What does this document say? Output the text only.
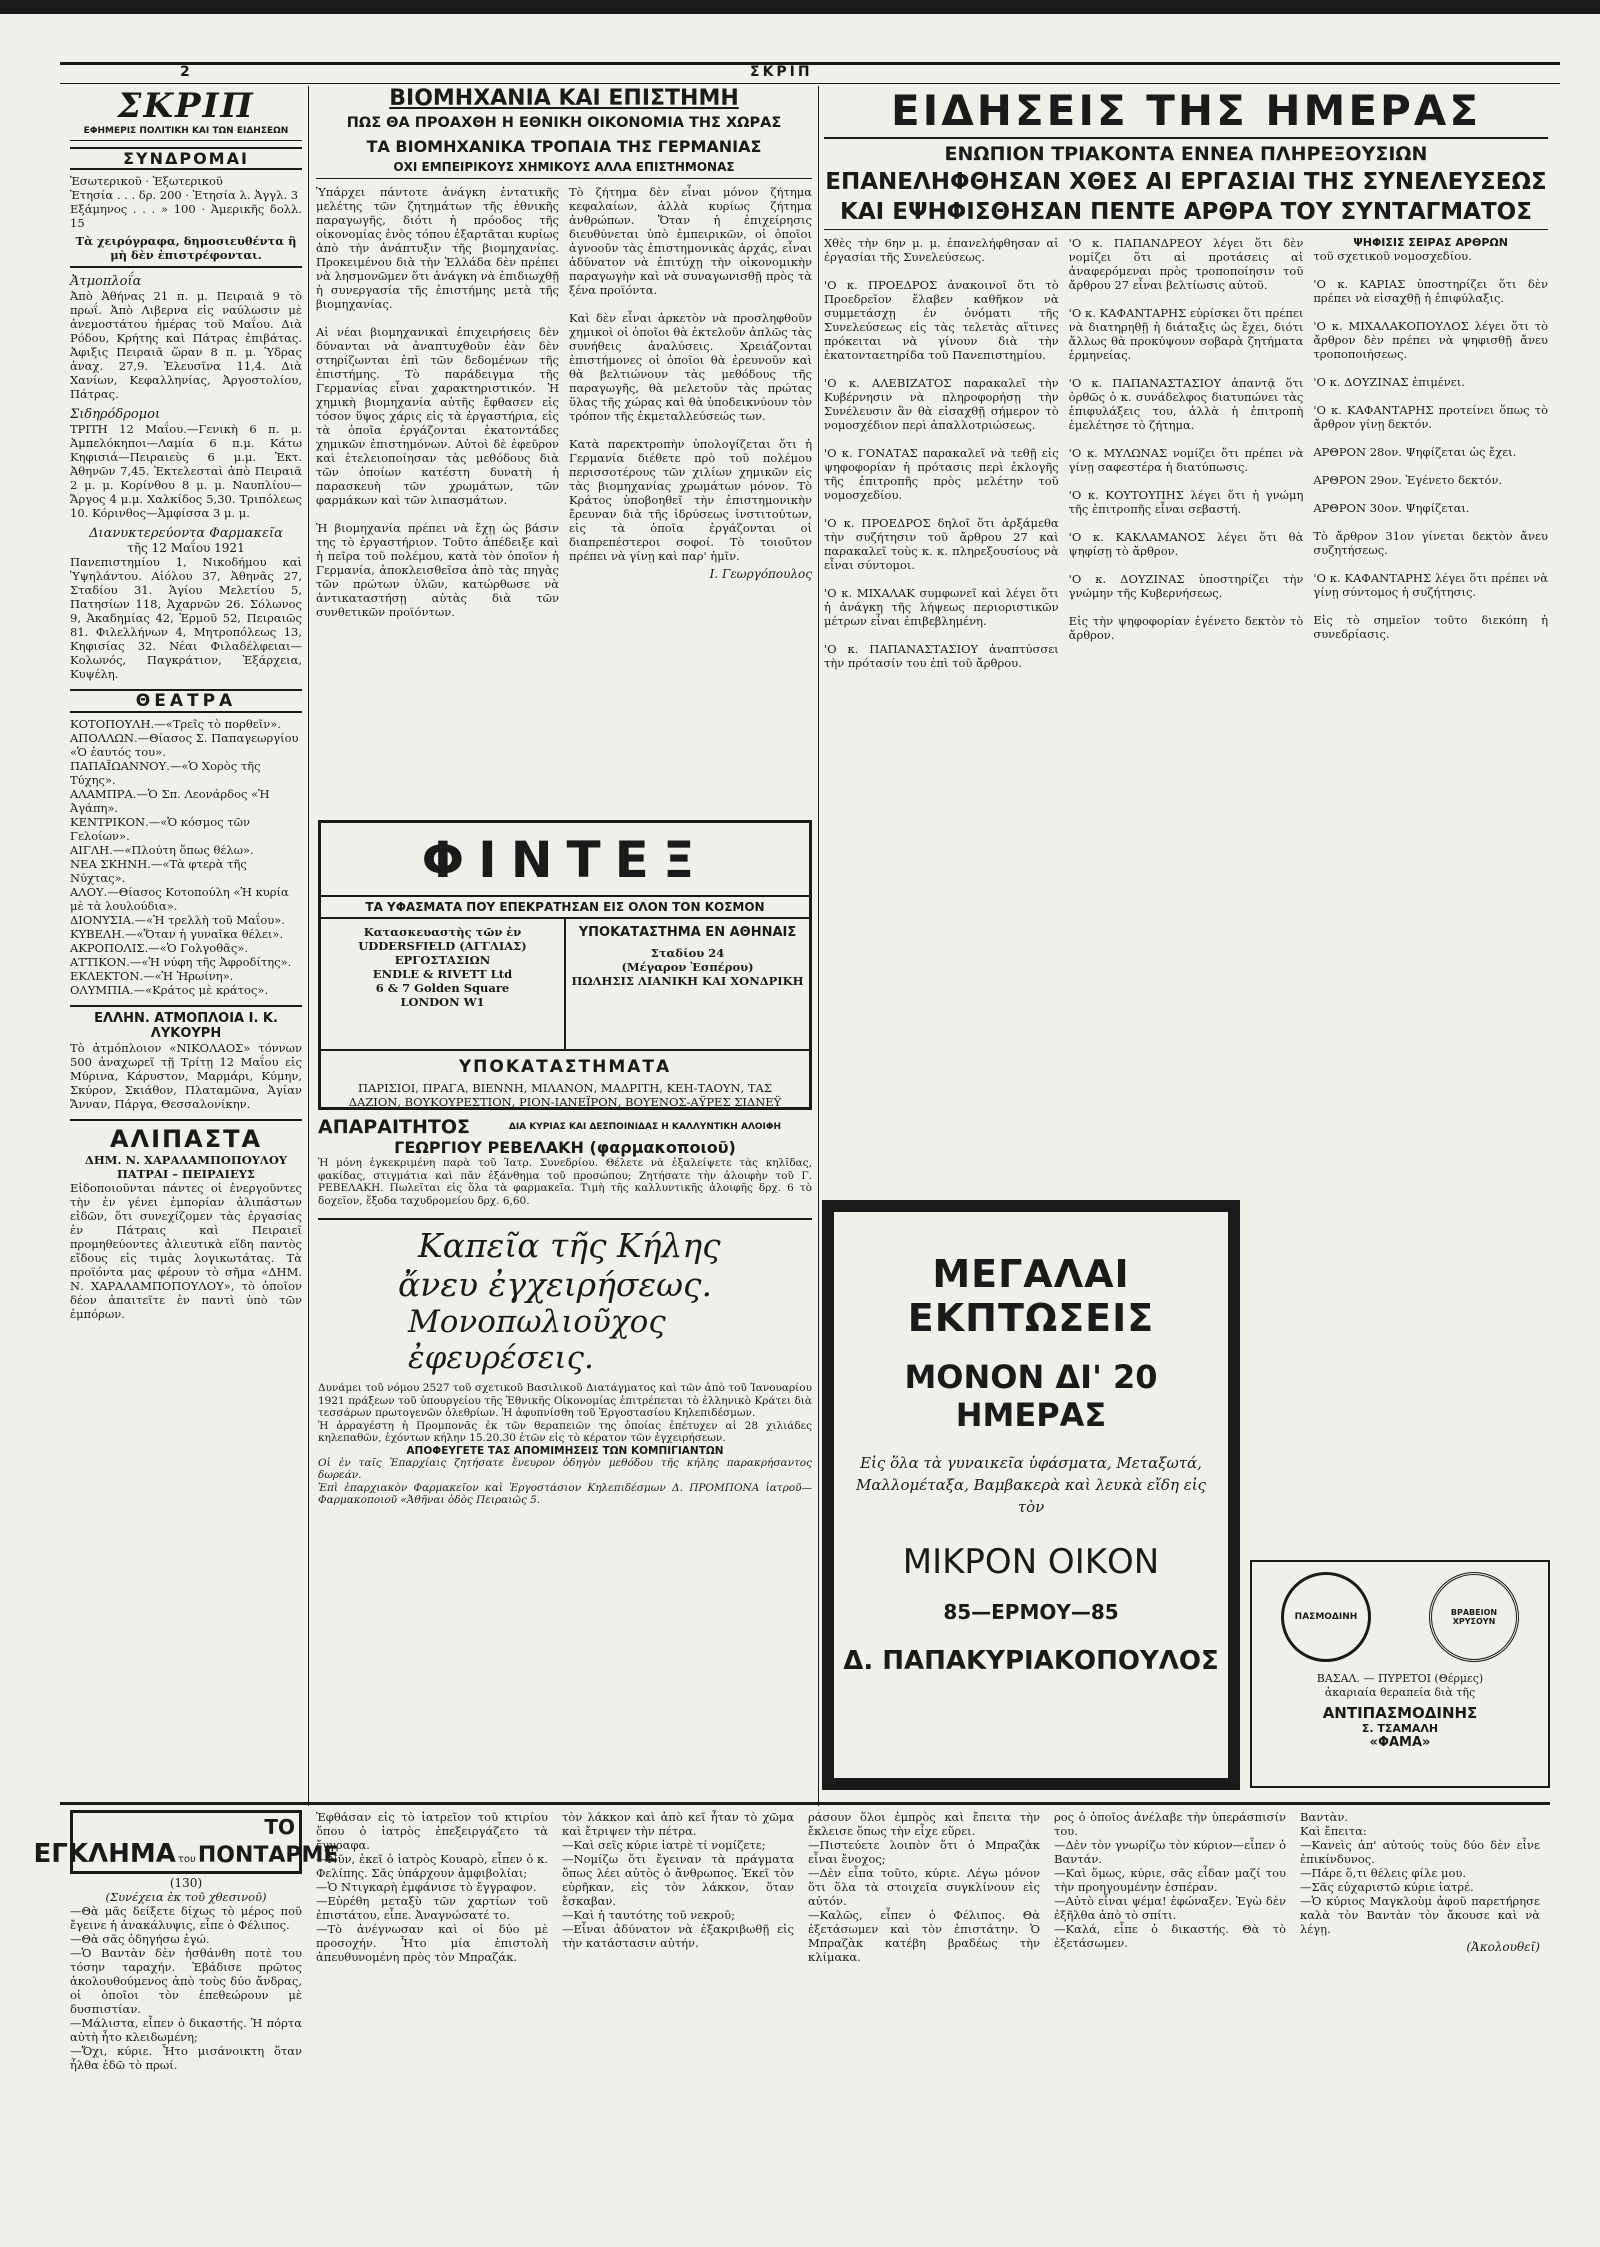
2	ΣΚΡΙΠ
ΣΚΡΙΠ
ΕΦΗΜΕΡΙΣ ΠΟΛΙΤΙΚΗ ΚΑΙ ΤΩΝ ΕΙΔΗΣΕΩΝ
ΣΥΝΔΡΟΜΑΙ

Ἐσωτερικοῦ · Ἐξωτερικοῦ
Ἐτησία . . . δρ. 200 · Ἐτησία λ. Ἀγγλ. 3
Εξάμηνος . . . » 100 · Ἀμερικῆς δολλ. 15

Τὰ χειρόγραφα, δημοσιευθέντα ἢ μὴ δὲν ἐπιστρέφονται.

Ἀτμοπλοΐα

Ἀπὸ Ἀθήνας 21 π. μ. Πειραιᾶ 9 τὸ πρωΐ. Ἀπὸ Λιβερνα εἰς ναύλωσιν μὲ ἀνεμοστάτου ἡμέρας τοῦ Μαΐου. Διὰ Ρόδου, Κρήτης καὶ Πάτρας ἐπιβάτας. Ἀφιξις Πειραιᾶ ὥραν 8 π. μ. Ὑδρας ἀναχ. 27,9. Ἐλευσῖνα 11,4. Διὰ Χανίων, Κεφαλληνίας, Ἀργοστολίου, Πάτρας.

Σιδηρόδρομοι

ΤΡΙΤΗ 12 Μαΐου.—Γενικὴ 6 π. μ. Ἀμπελόκηποι—Λαμία 6 π.μ. Κάτω Κηφισιά—Πειραιεὺς 6 μ.μ. Ἐκτ. Ἀθηνῶν 7,45. Ἐκτελεσταὶ ἀπὸ Πειραιᾶ 2 μ. μ. Κορίνθου 8 μ. μ. Ναυπλίου—Ἄργος 4 μ.μ. Χαλκίδος 5,30. Τριπόλεως 10. Κόρινθος—Ἀμφίσσα 3 μ. μ.

Διανυκτερεύοντα Φαρμακεῖα
τῆς 12 Μαΐου 1921

Πανεπιστημίου 1, Νικοδήμου καὶ Ὑψηλάντου. Αἰόλου 37, Ἀθηνᾶς 27, Σταδίου 31. Ἁγίου Μελετίου 5, Πατησίων 118, Ἀχαρνῶν 26. Σόλωνος 9, Ἀκαδημίας 42, Ἑρμοῦ 52, Πειραιῶς 81. Φιλελλήνων 4, Μητροπόλεως 13, Κηφισίας 32. Νέαι Φιλαδέλφειαι—Κολωνός, Παγκράτιον, Ἐξάρχεια, Κυψέλη.

ΘΕΑΤΡΑ

ΚΟΤΟΠΟΥΛΗ.—«Τρεῖς τὸ πορθεῖν».
ΑΠΟΛΛΩΝ.—Θίασος Σ. Παπαγεωργίου «Ὁ ἐαυτός του».
ΠΑΠΑΪΩΑΝΝΟΥ.—«Ὁ Χορὸς τῆς Τύχης».
ΑΛΑΜΠΡΑ.—Ὁ Σπ. Λεονάρδος «Ἡ Ἀγάπη».
ΚΕΝΤΡΙΚΟΝ.—«Ὁ κόσμος τῶν Γελοίων».
ΑΙΓΛΗ.—«Πλούτη ὅπως θέλω».
ΝΕΑ ΣΚΗΝΗ.—«Τὰ φτερὰ τῆς Νύχτας».
ΑΛΟΥ.—Θίασος Κοτοπούλη «Ἡ κυρία μὲ τὰ λουλούδια».
ΔΙΟΝΥΣΙΑ.—«Ἡ τρελλὴ τοῦ Μαΐου».
ΚΥΒΕΛΗ.—«Ὅταν ἡ γυναῖκα θέλει».
ΑΚΡΟΠΟΛΙΣ.—«Ὁ Γολγοθᾶς».
ΑΤΤΙΚΟΝ.—«Ἡ νύφη τῆς Ἀφροδίτης».
ΕΚΛΕΚΤΟΝ.—«Ἡ Ἡρωίνη».
ΟΛΥΜΠΙΑ.—«Κράτος μὲ κράτος».

ΕΛΛΗΝ. ΑΤΜΟΠΛΟΙΑ Ι. Κ. ΛΥΚΟΥΡΗ

Τὸ ἀτμόπλοιον «ΝΙΚΟΛΑΟΣ» τόννων 500 ἀναχωρεῖ τῇ Τρίτῃ 12 Μαΐου εἰς Μύρινα, Κάρυστον, Μαρμάρι, Κύμην, Σκύρον, Σκιάθον, Πλαταμῶνα, Ἀγίαν Ἄνναν, Πάργα, Θεσσαλονίκην.

ΑΛΙΠΑΣΤΑ

ΔΗΜ. Ν. ΧΑΡΑΛΑΜΠΟΠΟΥΛΟΥ
ΠΑΤΡΑΙ – ΠΕΙΡΑΙΕΥΣ

Εἰδοποιοῦνται πάντες οἱ ἐνεργοῦντες τὴν ἐν γένει ἐμπορίαν ἀλιπάστων εἰδῶν, ὅτι συνεχίζομεν τὰς ἐργασίας ἐν Πάτραις καὶ Πειραιεῖ προμηθεύοντες ἀλιευτικὰ εἴδη παντὸς εἴδους εἰς τιμὰς λογικωτάτας. Τὰ προϊόντα μας φέρουν τὸ σῆμα «ΔΗΜ. Ν. ΧΑΡΑΛΑΜΠΟΠΟΥΛΟΥ», τὸ ὁποῖον δέον ἀπαιτεῖτε ἐν παντὶ ὑπὸ τῶν ἐμπόρων.

ΒΙΟΜΗΧΑΝΙΑ ΚΑΙ ΕΠΙΣΤΗΜΗ
ΠΩΣ ΘΑ ΠΡΟΑΧΘΗ Η ΕΘΝΙΚΗ ΟΙΚΟΝΟΜΙΑ ΤΗΣ ΧΩΡΑΣ
ΤΑ ΒΙΟΜΗΧΑΝΙΚΑ ΤΡΟΠΑΙΑ ΤΗΣ ΓΕΡΜΑΝΙΑΣ
ΟΧΙ ΕΜΠΕΙΡΙΚΟΥΣ ΧΗΜΙΚΟΥΣ ΑΛΛΑ ΕΠΙΣΤΗΜΟΝΑΣ

Ὑπάρχει πάντοτε ἀνάγκη ἐντατικῆς μελέτης τῶν ζητημάτων τῆς ἐθνικῆς παραγωγῆς, διότι ἡ πρόοδος τῆς οἰκονομίας ἑνὸς τόπου ἐξαρτᾶται κυρίως ἀπὸ τὴν ἀνάπτυξιν τῆς βιομηχανίας. Προκειμένου διὰ τὴν Ἑλλάδα δὲν πρέπει νὰ λησμονῶμεν ὅτι ἀνάγκη νὰ ἐπιδιωχθῇ ἡ συνεργασία τῆς ἐπιστήμης μετὰ τῆς βιομηχανίας.

Αἱ νέαι βιομηχανικαὶ ἐπιχειρήσεις δὲν δύνανται νὰ ἀναπτυχθοῦν ἐὰν δὲν στηρίζωνται ἐπὶ τῶν δεδομένων τῆς ἐπιστήμης. Τὸ παράδειγμα τῆς Γερμανίας εἶναι χαρακτηριστικόν. Ἡ χημικὴ βιομηχανία αὐτῆς ἔφθασεν εἰς τόσον ὕψος χάρις εἰς τὰ ἐργαστήρια, εἰς τὰ ὁποῖα ἐργάζονται ἑκατοντάδες χημικῶν ἐπιστημόνων. Αὐτοὶ δὲ ἐφεῦρον καὶ ἐτελειοποίησαν τὰς μεθόδους διὰ τῶν ὁποίων κατέστη δυνατὴ ἡ παρασκευὴ τῶν χρωμάτων, τῶν φαρμάκων καὶ τῶν λιπασμάτων.

Ἡ βιομηχανία πρέπει νὰ ἔχῃ ὡς βάσιν της τὸ ἐργαστήριον. Τοῦτο ἀπέδειξε καὶ ἡ πεῖρα τοῦ πολέμου, κατὰ τὸν ὁποῖον ἡ Γερμανία, ἀποκλεισθεῖσα ἀπὸ τὰς πηγὰς τῶν πρώτων ὑλῶν, κατώρθωσε νὰ ἀντικαταστήσῃ αὐτὰς διὰ τῶν συνθετικῶν προϊόντων.

Τὸ ζήτημα δὲν εἶναι μόνον ζήτημα κεφαλαίων, ἀλλὰ κυρίως ζήτημα ἀνθρώπων. Ὅταν ἡ ἐπιχείρησις διευθύνεται ὑπὸ ἐμπειρικῶν, οἱ ὁποῖοι ἀγνοοῦν τὰς ἐπιστημονικὰς ἀρχάς, εἶναι ἀδύνατον νὰ ἐπιτύχῃ τὴν οἰκονομικὴν παραγωγὴν καὶ νὰ συναγωνισθῇ πρὸς τὰ ξένα προϊόντα.

Καὶ δὲν εἶναι ἀρκετὸν νὰ προσληφθοῦν χημικοὶ οἱ ὁποῖοι θὰ ἐκτελοῦν ἀπλῶς τὰς συνήθεις ἀναλύσεις. Χρειάζονται ἐπιστήμονες οἱ ὁποῖοι θὰ ἐρευνοῦν καὶ θὰ βελτιώνουν τὰς μεθόδους τῆς παραγωγῆς, θὰ μελετοῦν τὰς πρώτας ὕλας τῆς χώρας καὶ θὰ ὑποδεικνύουν τὸν τρόπον τῆς ἐκμεταλλεύσεώς των.

Κατὰ παρεκτροπὴν ὑπολογίζεται ὅτι ἡ Γερμανία διέθετε πρὸ τοῦ πολέμου περισσοτέρους τῶν χιλίων χημικῶν εἰς τὰς βιομηχανίας χρωμάτων μόνον. Τὸ Κράτος ὑποβοηθεῖ τὴν ἐπιστημονικὴν ἔρευναν διὰ τῆς ἱδρύσεως ἰνστιτούτων, εἰς τὰ ὁποῖα ἐργάζονται οἱ διαπρεπέστεροι σοφοί. Τὸ τοιοῦτον πρέπει νὰ γίνῃ καὶ παρ' ἡμῖν.

Ι. Γεωργόπουλος
ΦΙΝΤΕΞ
ΤΑ ΥΦΑΣΜΑΤΑ ΠΟΥ ΕΠΕΚΡΑΤΗΣΑΝ ΕΙΣ ΟΛΟΝ ΤΟΝ ΚΟΣΜΟΝ

Κατασκευαστὴς τῶν ἐν
UDDERSFIELD (ΑΓΓΛΙΑΣ)
ΕΡΓΟΣΤΑΣΙΩΝ
ENDLE & RIVETT Ltd
6 & 7 Golden Square
LONDON W1

ΥΠΟΚΑΤΑΣΤΗΜΑ ΕΝ ΑΘΗΝΑΙΣ

Σταδίου 24
(Μέγαρον Ἐσπέρου)
ΠΩΛΗΣΙΣ ΛΙΑΝΙΚΗ ΚΑΙ ΧΟΝΔΡΙΚΗ

ΥΠΟΚΑΤΑΣΤΗΜΑΤΑ

ΠΑΡΙΣΙΟΙ, ΠΡΑΓΑ, ΒΙΕΝΝΗ, ΜΙΛΑΝΟΝ, ΜΑΔΡΙΤΗ, ΚΕΗ-ΤΑΟΥΝ, ΤΑΣ ΔΑΖΙΟΝ, ΒΟΥΚΟΥΡΕΣΤΙΟΝ, ΡΙΟΝ-ΙΑΝΕΪΡΟΝ, ΒΟΥΕΝΟΣ-ΑΫΡΕΣ ΣΙΔΝΕΫ

ΑΠΑΡΑΙΤΗΤΟΣ	ΔΙΑ ΚΥΡΙΑΣ ΚΑΙ ΔΕΣΠΟΙΝΙΔΑΣ Η ΚΑΛΛΥΝΤΙΚΗ ΑΛΟΙΦΗ
ΓΕΩΡΓΙΟΥ ΡΕΒΕΛΑΚΗ (φαρμακοποιοῦ)

Ἡ μόνη ἐγκεκριμένη παρὰ τοῦ Ἰατρ. Συνεδρίου. Θέλετε νὰ ἐξαλείψετε τὰς κηλῖδας, φακίδας, στιγμάτια καὶ πᾶν ἐξάνθημα τοῦ προσώπου; Ζητήσατε τὴν ἀλοιφὴν τοῦ Γ. ΡΕΒΕΛΑΚΗ. Πωλεῖται εἰς ὅλα τὰ φαρμακεῖα. Τιμὴ τῆς καλλυντικῆς ἀλοιφῆς δρχ. 6 τὸ δοχεῖον, ἔξοδα ταχυδρομείου δρχ. 6,60.

Καπεῖα τῆς Κήλης
ἄνευ ἐγχειρήσεως.
Μονοπωλιοῦχος ἐφευρέσεις.

Δυνάμει τοῦ νόμου 2527 τοῦ σχετικοῦ Βασιλικοῦ Διατάγματος καὶ τῶν ἀπὸ τοῦ Ἰανουαρίου 1921 πράξεων τοῦ ὑπουργείου τῆς Ἐθνικῆς Οἰκονομίας ἐπιτρέπεται τὸ ἐλληνικὸ Κράτει διὰ τεσσάρων πρωτογενῶν ὀλεθρίων. Ἡ ἀφυπνίσθη τοῦ Ἐργοστασίου Κηλεπιδέσμων.
Ἡ ἀρραγέστη ἡ Προμπονᾶς ἐκ τῶν θεραπειῶν της ὁποίας ἐπέτυχεν αἱ 28 χιλιάδες κηλεπαθῶν, ἐχόντων κήλην 15.20.30 ἐτῶν εἰς τὸ κέρατον τῶν ἐγχειρήσεων.

ΑΠΟΦΕΥΓΕΤΕ ΤΑΣ ΑΠΟΜΙΜΗΣΕΙΣ ΤΩΝ ΚΟΜΠΙΓΙΑΝΤΩΝ

Οἱ ἐν ταῖς Ἐπαρχίαις ζητήσατε ἔνευρον ὁδηγὸν μεθόδου τῆς κήλης παρακρήσαντος δωρεάν.
Ἐπὶ ἐπαρχιακὸν Φαρμακεῖον καὶ Ἐργοστάσιον Κηλεπιδέσμων Δ. ΠΡΟΜΠΟΝΑ ἰατροῦ—Φαρμακοποιοῦ «Ἀθῆναι ὁδὸς Πειραιῶς 5.

ΕΙΔΗΣΕΙΣ ΤΗΣ ΗΜΕΡΑΣ
ΕΝΩΠΙΟΝ ΤΡΙΑΚΟΝΤΑ ΕΝΝΕΑ ΠΛΗΡΕΞΟΥΣΙΩΝ
ΕΠΑΝΕΛΗΦΘΗΣΑΝ ΧΘΕΣ ΑΙ ΕΡΓΑΣΙΑΙ ΤΗΣ ΣΥΝΕΛΕΥΣΕΩΣ
ΚΑΙ ΕΨΗΦΙΣΘΗΣΑΝ ΠΕΝΤΕ ΑΡΘΡΑ ΤΟΥ ΣΥΝΤΑΓΜΑΤΟΣ

Χθὲς τὴν 6ην μ. μ. ἐπανελήφθησαν αἱ ἐργασίαι τῆς Συνελεύσεως.

'Ο κ. ΠΡΟΕΔΡΟΣ ἀνακοινοῖ ὅτι τὸ Προεδρεῖον ἔλαβεν καθῆκον νὰ συμμετάσχῃ ἐν ὀνόματι τῆς Συνελεύσεως εἰς τὰς τελετὰς αἵτινες πρόκειται νὰ γίνουν διὰ τὴν ἑκατονταετηρίδα τοῦ Πανεπιστημίου.

'Ο κ. ΑΛΕΒΙΖΑΤΟΣ παρακαλεῖ τὴν Κυβέρνησιν νὰ πληροφορήσῃ τὴν Συνέλευσιν ἂν θὰ εἰσαχθῇ σήμερον τὸ νομοσχέδιον περὶ ἀπαλλοτριώσεως.

'Ο κ. ΓΟΝΑΤΑΣ παρακαλεῖ νὰ τεθῇ εἰς ψηφοφορίαν ἡ πρότασις περὶ ἐκλογῆς τῆς ἐπιτροπῆς πρὸς μελέτην τοῦ νομοσχεδίου.

'Ο κ. ΠΡΟΕΔΡΟΣ δηλοῖ ὅτι ἀρξάμεθα τὴν συζήτησιν τοῦ ἄρθρου 27 καὶ παρακαλεῖ τοὺς κ. κ. πληρεξουσίους νὰ εἶναι σύντομοι.

'Ο κ. ΜΙΧΑΛΑΚ συμφωνεῖ καὶ λέγει ὅτι ἡ ἀνάγκη τῆς λήψεως περιοριστικῶν μέτρων εἶναι ἐπιβεβλημένη.

'Ο κ. ΠΑΠΑΝΑΣΤΑΣΙΟΥ ἀναπτύσσει τὴν πρότασίν του ἐπὶ τοῦ ἄρθρου.

'Ο κ. ΠΑΠΑΝΔΡΕΟΥ λέγει ὅτι δὲν νομίζει ὅτι αἱ προτάσεις αἱ ἀναφερόμεναι πρὸς τροποποίησιν τοῦ ἄρθρου 27 εἶναι βελτίωσις αὐτοῦ.

'Ο κ. ΚΑΦΑΝΤΑΡΗΣ εὑρίσκει ὅτι πρέπει νὰ διατηρηθῇ ἡ διάταξις ὡς ἔχει, διότι ἄλλως θὰ προκύψουν σοβαρὰ ζητήματα ἑρμηνείας.

'Ο κ. ΠΑΠΑΝΑΣΤΑΣΙΟΥ ἀπαντᾷ ὅτι ὀρθῶς ὁ κ. συνάδελφος διατυπώνει τὰς ἐπιφυλάξεις του, ἀλλὰ ἡ ἐπιτροπὴ ἐμελέτησε τὸ ζήτημα.

'Ο κ. ΜΥΛΩΝΑΣ νομίζει ὅτι πρέπει νὰ γίνῃ σαφεστέρα ἡ διατύπωσις.

'Ο κ. ΚΟΥΤΟΥΠΗΣ λέγει ὅτι ἡ γνώμη τῆς ἐπιτροπῆς εἶναι σεβαστή.

'Ο κ. ΚΑΚΛΑΜΑΝΟΣ λέγει ὅτι θὰ ψηφίσῃ τὸ ἄρθρον.

'Ο κ. ΔΟΥΖΙΝΑΣ ὑποστηρίζει τὴν γνώμην τῆς Κυβερνήσεως.

Εἰς τὴν ψηφοφορίαν ἐγένετο δεκτὸν τὸ ἄρθρον.

ΨΗΦΙΣΙΣ ΣΕΙΡΑΣ ΑΡΘΡΩΝ

τοῦ σχετικοῦ νομοσχεδίου.

'Ο κ. ΚΑΡΙΑΣ ὑποστηρίζει ὅτι δὲν πρέπει νὰ εἰσαχθῇ ἡ ἐπιφύλαξις.

'Ο κ. ΜΙΧΑΛΑΚΟΠΟΥΛΟΣ λέγει ὅτι τὸ ἄρθρον δὲν πρέπει νὰ ψηφισθῇ ἄνευ τροποποιήσεως.

'Ο κ. ΔΟΥΖΙΝΑΣ ἐπιμένει.

'Ο κ. ΚΑΦΑΝΤΑΡΗΣ προτείνει ὅπως τὸ ἄρθρον γίνῃ δεκτόν.

ΑΡΘΡΟΝ 28ον. Ψηφίζεται ὡς ἔχει.

ΑΡΘΡΟΝ 29ον. Ἐγένετο δεκτόν.

ΑΡΘΡΟΝ 30ον. Ψηφίζεται.

Τὸ ἄρθρον 31ον γίνεται δεκτὸν ἄνευ συζητήσεως.

'Ο κ. ΚΑΦΑΝΤΑΡΗΣ λέγει ὅτι πρέπει νὰ γίνῃ σύντομος ἡ συζήτησις.

Εἰς τὸ σημεῖον τοῦτο διεκόπη ἡ συνεδρίασις.

ΜΕΓΑΛΑΙ ΕΚΠΤΩΣΕΙΣ
ΜΟΝΟΝ ΔΙ' 20 ΗΜΕΡΑΣ

Εἰς ὅλα τὰ γυναικεῖα ὑφάσματα, Μεταξωτά, Μαλλομέταξα, Βαμβακερὰ καὶ λευκὰ εἴδη εἰς τὸν

ΜΙΚΡΟΝ ΟΙΚΟΝ
85—ΕΡΜΟΥ—85
Δ. ΠΑΠΑΚΥΡΙΑΚΟΠΟΥΛΟΣ
ΠΑΣΜΟΔΙΝΗ	ΒΡΑΒΕΙΟΝ ΧΡΥΣΟΥΝ

ΒΑΣΑΛ. — ΠΥΡΕΤΟΙ (Θέρμες)
ἀκαριαία θεραπεία διὰ τῆς

ΑΝΤΙΠΑΣΜΟΔΙΝΗΣ
Σ. ΤΣΑΜΑΛΗ
«ΦΑΜΑ»
ΤΟ
ΕΓΚΛΗΜΑ του ΠΟΝΤΑΡΜΕ
(130)
(Συνέχεια ἐκ τοῦ χθεσινοῦ)

—Θὰ μᾶς δείξετε δίχως τὸ μέρος ποῦ ἔγεινε ἡ ἀνακάλυψις, εἶπε ὁ Φέλιπος.
—Θὰ σᾶς ὁδηγήσω ἐγώ.
—Ὁ Βαντὰν δὲν ἠσθάνθη ποτὲ του τόσην ταραχήν. Ἐβάδισε πρῶτος ἀκολουθούμενος ἀπὸ τοὺς δύο ἄνδρας, οἱ ὁποῖοι τὸν ἐπεθεώρουν μὲ δυσπιστίαν.
—Μάλιστα, εἶπεν ὁ δικαστής. Ἡ πόρτα αὐτὴ ἦτο κλειδωμένη;
—Ὄχι, κύριε. Ἦτο μισάνοικτη ὅταν ἦλθα ἐδῶ τὸ πρωί.

Ἐφθάσαν εἰς τὸ ἰατρεῖον τοῦ κτιρίου ὅπου ὁ ἰατρὸς ἐπεξειργάζετο τὰ ἔγγραφα.
—Νῦν, ἐκεῖ ὁ ἰατρὸς Κουαρὸ, εἶπεν ὁ κ. Φελίπης. Σᾶς ὑπάρχουν ἀμφιβολίαι;
—Ὁ Ντιγκαρὴ ἐμφάνισε τὸ ἔγγραφον.
—Εὑρέθη μεταξὺ τῶν χαρτίων τοῦ ἐπιστάτου, εἶπε. Ἀναγνώσατέ το.
—Τὸ ἀνέγνωσαν καὶ οἱ δύο μὲ προσοχήν. Ἦτο μία ἐπιστολὴ ἀπευθυνομένη πρὸς τὸν Μπραζάκ.

τὸν λάκκον καὶ ἀπὸ κεῖ ἦταν τὸ χῶμα καὶ ἔτριψεν τὴν πέτρα.
—Καὶ σεῖς κύριε ἰατρὲ τί νομίζετε;
—Νομίζω ὅτι ἔγειναν τὰ πράγματα ὅπως λέει αὐτὸς ὁ ἄνθρωπος. Ἐκεῖ τὸν εὑρῆκαν, εἰς τὸν λάκκον, ὅταν ἔσκαβαν.
—Καὶ ἡ ταυτότης τοῦ νεκροῦ;
—Εἶναι ἀδύνατον νὰ ἐξακριβωθῇ εἰς τὴν κατάστασιν αὐτήν.

ράσουν ὅλοι ἐμπρὸς καὶ ἔπειτα τὴν ἔκλεισε ὅπως τὴν εἶχε εὕρει.
—Πιστεύετε λοιπὸν ὅτι ὁ Μπραζὰκ εἶναι ἔνοχος;
—Δὲν εἶπα τοῦτο, κύριε. Λέγω μόνον ὅτι ὅλα τὰ στοιχεῖα συγκλίνουν εἰς αὐτόν.
—Καλῶς, εἶπεν ὁ Φέλιπος. Θὰ ἐξετάσωμεν καὶ τὸν ἐπιστάτην. Ὁ Μπραζὰκ κατέβη βραδέως τὴν κλίμακα.

ρος ὁ ὁποῖος ἀνέλαβε τὴν ὑπεράσπισίν του.
—Δὲν τὸν γνωρίζω τὸν κύριον—εἶπεν ὁ Βαντάν.
—Καὶ ὅμως, κύριε, σᾶς εἶδαν μαζί του τὴν προηγουμένην ἑσπέραν.
—Αὐτὸ εἶναι ψέμα! ἐφώναξεν. Ἐγὼ δὲν ἐξῆλθα ἀπὸ τὸ σπίτι.
—Καλά, εἶπε ὁ δικαστής. Θὰ τὸ ἐξετάσωμεν.

Βαντὰν.
Καὶ ἔπειτα:
—Κανεὶς ἀπ' αὐτούς τοὺς δύο δὲν εἶνε ἐπικίνδυνος.
—Πάρε ὅ,τι θέλεις φίλε μου.
—Σᾶς εὐχαριστῶ κύριε ἰατρέ.
—Ὁ κύριος Μαγκλοὺμ ἀφοῦ παρετήρησε καλὰ τὸν Βαντὰν τὸν ἄκουσε καὶ νὰ λέγῃ.

(Ἀκολουθεῖ)
